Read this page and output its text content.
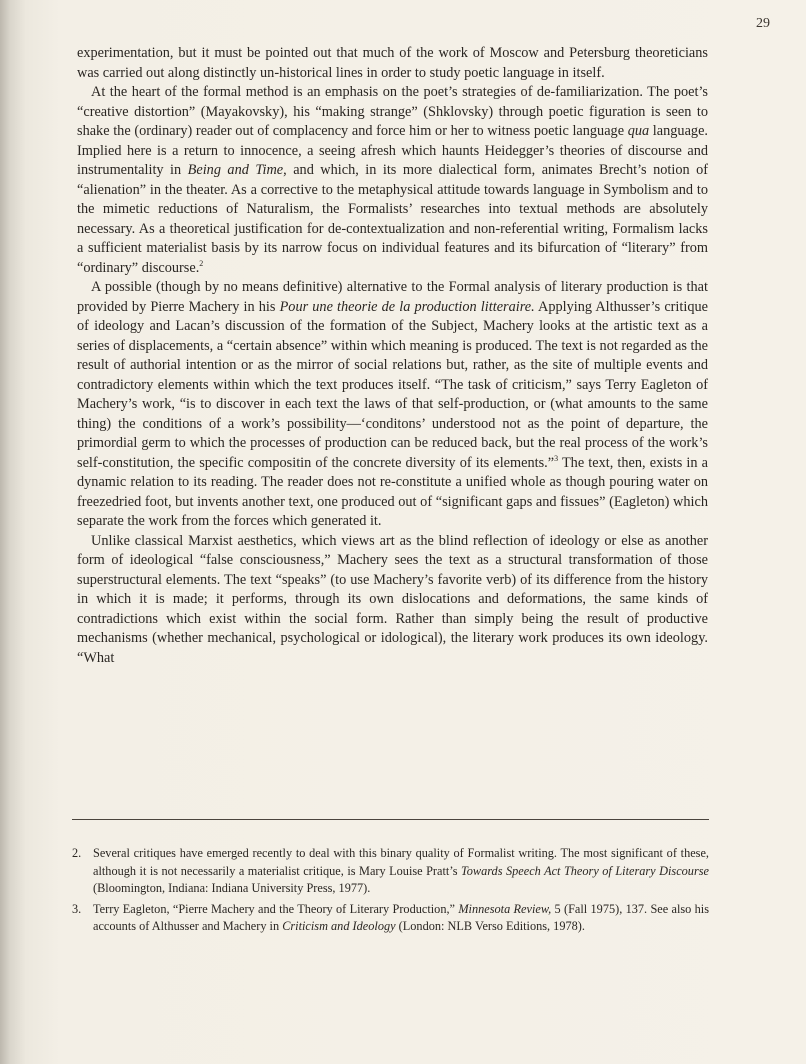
29

experimentation, but it must be pointed out that much of the work of Moscow and Petersburg theoreticians was carried out along distinctly un-historical lines in order to study poetic language in itself.

At the heart of the formal method is an emphasis on the poet’s strategies of de-familiarization. The poet’s “creative distortion” (Mayakovsky), his “making strange” (Shklovsky) through poetic figuration is seen to shake the (ordinary) reader out of complacency and force him or her to witness poetic language qua language. Implied here is a return to innocence, a seeing afresh which haunts Heidegger’s theories of discourse and instrumentality in Being and Time, and which, in its more dialectical form, animates Brecht’s notion of “alienation” in the theater. As a corrective to the metaphysical attitude towards language in Symbolism and to the mimetic reductions of Naturalism, the Formalists’ researches into textual methods are absolutely necessary. As a theoretical justification for de-contextualization and non-referential writing, Formalism lacks a sufficient materialist basis by its narrow focus on individual features and its bifurcation of “literary” from “ordinary” discourse.$^2$

A possible (though by no means definitive) alternative to the Formal analysis of literary production is that provided by Pierre Machery in his Pour une theorie de la production litteraire. Applying Althusser’s critique of ideology and Lacan’s discussion of the formation of the Subject, Machery looks at the artistic text as a series of displacements, a “certain absence” within which meaning is produced. The text is not regarded as the result of authorial intention or as the mirror of social relations but, rather, as the site of multiple events and contradictory elements within which the text produces itself. “The task of criticism,” says Terry Eagleton of Machery’s work, “is to discover in each text the laws of that self-production, or (what amounts to the same thing) the conditions of a work’s possibility—‘conditons’ understood not as the point of departure, the primordial germ to which the processes of production can be reduced back, but the real process of the work’s self-constitution, the specific compositin of the concrete diversity of its elements.”$^3$ The text, then, exists in a dynamic relation to its reading. The reader does not re-constitute a unified whole as though pouring water on freezedried foot, but invents another text, one produced out of “significant gaps and fissues” (Eagleton) which separate the work from the forces which generated it.

Unlike classical Marxist aesthetics, which views art as the blind reflection of ideology or else as another form of ideological “false consciousness,” Machery sees the text as a structural transformation of those superstructural elements. The text “speaks” (to use Machery’s favorite verb) of its difference from the history in which it is made; it performs, through its own dislocations and deformations, the same kinds of contradictions which exist within the social form. Rather than simply being the result of productive mechanisms (whether mechanical, psychological or idological), the literary work produces its own ideology. “What

2. Several critiques have emerged recently to deal with this binary quality of Formalist writing. The most significant of these, although it is not necessarily a materialist critique, is Mary Louise Pratt’s Towards Speech Act Theory of Literary Discourse (Bloomington, Indiana: Indiana University Press, 1977).
3. Terry Eagleton, “Pierre Machery and the Theory of Literary Production,” Minnesota Review, 5 (Fall 1975), 137. See also his accounts of Althusser and Machery in Criticism and Ideology (London: NLB Verso Editions, 1978).
